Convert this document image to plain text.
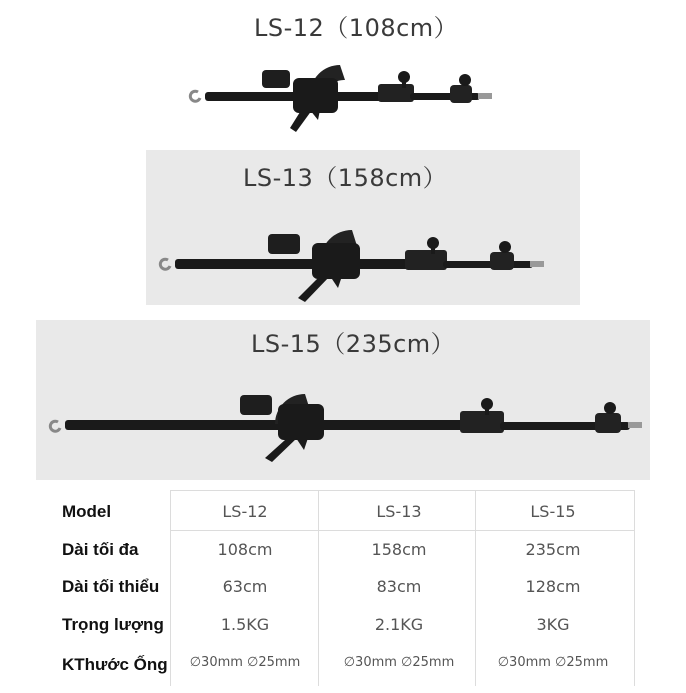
LS-12（108cm）
LS-13（158cm）
LS-15（235cm）
Model	LS-12	LS-13	LS-15
Dài tối đa	108cm	158cm	235cm
Dài tối thiểu	63cm	83cm	128cm
Trọng lượng	1.5KG	2.1KG	3KG
KThước Ống	∅30mm ∅25mm	∅30mm ∅25mm	∅30mm ∅25mm
